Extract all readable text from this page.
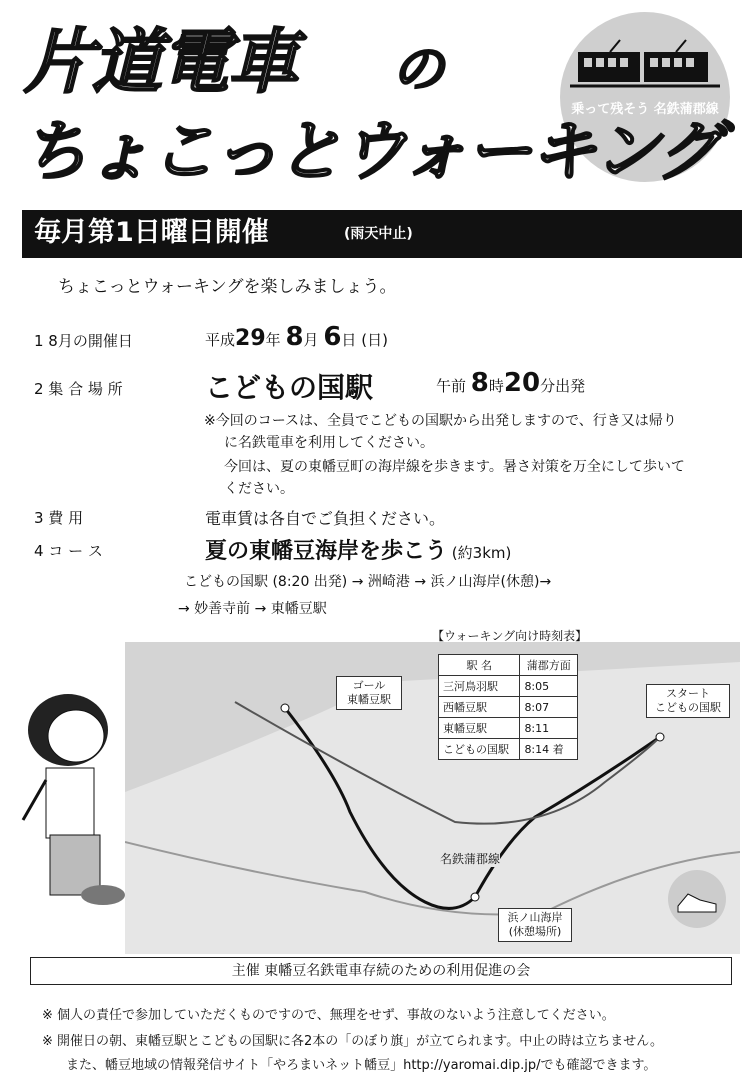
片道電車 の
乗って残そう 名鉄蒲郡線
ちょこっとウォーキング
毎月第1日曜日開催	(雨天中止)
ちょこっとウォーキングを楽しみましょう。
1 8月の開催日	平成29年 8月 6日 (日)
2 集 合 場 所	こどもの国駅	午前 8時20分出発
※今回のコースは、全員でこどもの国駅から出発しますので、行き又は帰り
に名鉄電車を利用してください。
今回は、夏の東幡豆町の海岸線を歩きます。暑さ対策を万全にして歩いて
ください。
3 費 用	電車賃は各自でご負担ください。
4 コ ー ス	夏の東幡豆海岸を歩こう (約3km)
こどもの国駅 (8:20 出発) → 洲崎港 → 浜ノ山海岸(休憩)→
→ 妙善寺前 → 東幡豆駅
【ウォーキング向け時刻表】
駅 名	蒲郡方面
三河鳥羽駅	8:05
西幡豆駅	8:07
東幡豆駅	8:11
こどもの国駅	8:14 着
ゴール
東幡豆駅	スタート
こどもの国駅
名鉄蒲郡線
浜ノ山海岸
(休憩場所)
主催 東幡豆名鉄電車存続のための利用促進の会
※ 個人の責任で参加していただくものですので、無理をせず、事故のないよう注意してください。
※ 開催日の朝、東幡豆駅とこどもの国駅に各2本の「のぼり旗」が立てられます。中止の時は立ちません。
また、幡豆地域の情報発信サイト「やろまいネット幡豆」http://yaromai.dip.jp/でも確認できます。
